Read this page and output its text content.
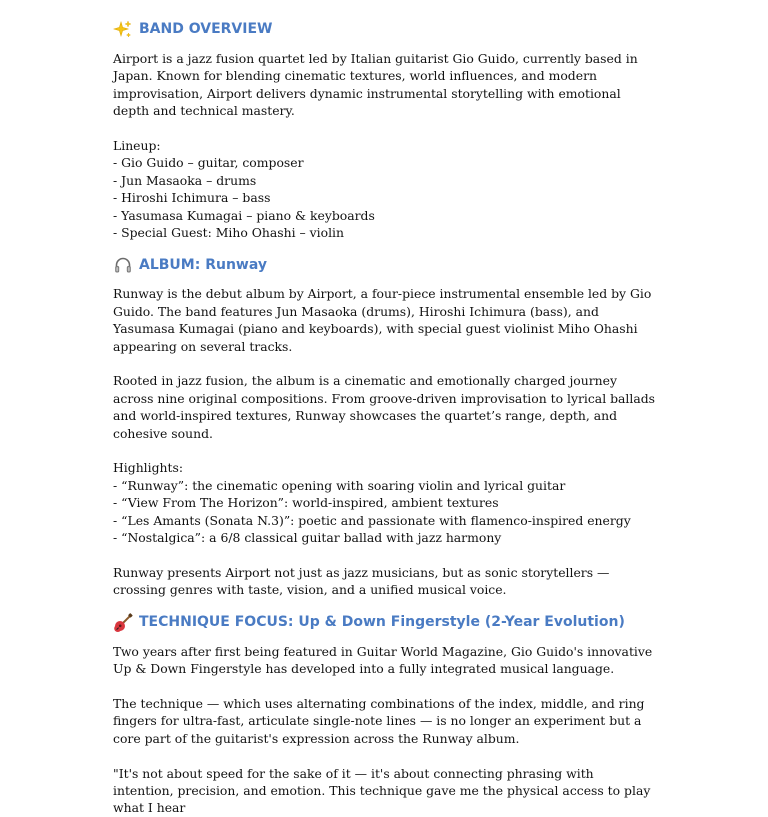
BAND OVERVIEW

Airport is a jazz fusion quartet led by Italian guitarist Gio Guido, currently based in Japan. Known for blending cinematic textures, world influences, and modern improvisation, Airport delivers dynamic instrumental storytelling with emotional depth and technical mastery.

Lineup:

- Gio Guido – guitar, composer
- Jun Masaoka – drums
- Hiroshi Ichimura – bass
- Yasumasa Kumagai – piano & keyboards
- Special Guest: Miho Ohashi – violin
ALBUM: Runway

Runway is the debut album by Airport, a four-piece instrumental ensemble led by Gio Guido. The band features Jun Masaoka (drums), Hiroshi Ichimura (bass), and Yasumasa Kumagai (piano and keyboards), with special guest violinist Miho Ohashi appearing on several tracks.

Rooted in jazz fusion, the album is a cinematic and emotionally charged journey across nine original compositions. From groove-driven improvisation to lyrical ballads and world-inspired textures, Runway showcases the quartet’s range, depth, and cohesive sound.

Highlights:

- “Runway”: the cinematic opening with soaring violin and lyrical guitar
- “View From The Horizon”: world-inspired, ambient textures
- “Les Amants (Sonata N.3)”: poetic and passionate with flamenco-inspired energy
- “Nostalgica”: a 6/8 classical guitar ballad with jazz harmony

Runway presents Airport not just as jazz musicians, but as sonic storytellers — crossing genres with taste, vision, and a unified musical voice.

TECHNIQUE FOCUS: Up & Down Fingerstyle (2-Year Evolution)

Two years after first being featured in Guitar World Magazine, Gio Guido's innovative Up & Down Fingerstyle has developed into a fully integrated musical language.

The technique — which uses alternating combinations of the index, middle, and ring fingers for ultra-fast, articulate single-note lines — is no longer an experiment but a core part of the guitarist's expression across the Runway album.

"It's not about speed for the sake of it — it's about connecting phrasing with intention, precision, and emotion. This technique gave me the physical access to play what I hear
